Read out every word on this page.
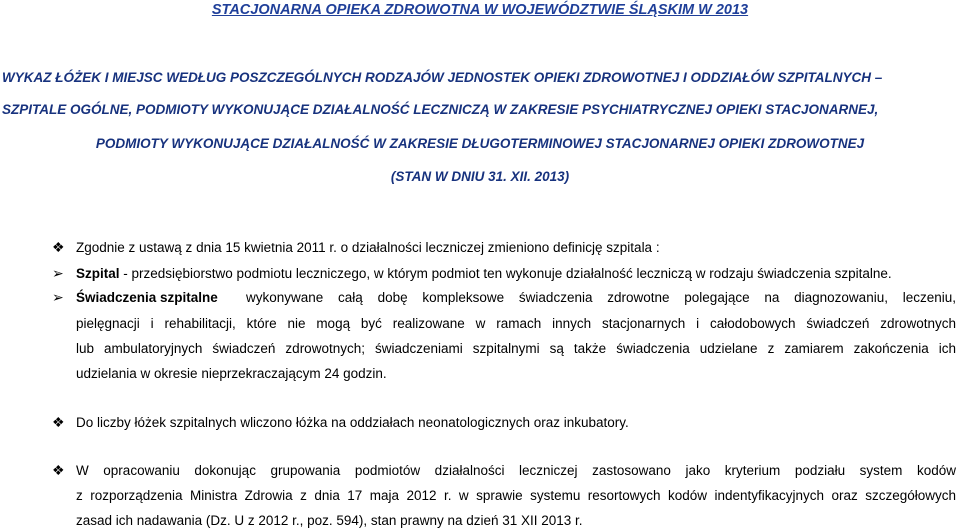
STACJONARNA OPIEKA ZDROWOTNA W WOJEWÓDZTWIE ŚLĄSKIM W 2013
WYKAZ ŁÓŻEK I MIEJSC WEDŁUG POSZCZEGÓLNYCH RODZAJÓW JEDNOSTEK OPIEKI ZDROWOTNEJ I ODDZIAŁÓW SZPITALNYCH –
SZPITALE OGÓLNE, PODMIOTY WYKONUJĄCE DZIAŁALNOŚĆ LECZNICZĄ W ZAKRESIE PSYCHIATRYCZNEJ OPIEKI STACJONARNEJ,
PODMIOTY WYKONUJĄCE DZIAŁALNOŚĆ W ZAKRESIE DŁUGOTERMINOWEJ STACJONARNEJ OPIEKI ZDROWOTNEJ
(STAN W DNIU 31. XII. 2013)
❖ Zgodnie z ustawą z dnia 15 kwietnia 2011 r. o działalności leczniczej zmieniono definicję szpitala :
➢ Szpital - przedsiębiorstwo podmiotu leczniczego, w którym podmiot ten wykonuje działalność leczniczą w rodzaju świadczenia szpitalne.
➢ Świadczenia szpitalne wykonywane całą dobę kompleksowe świadczenia zdrowotne polegające na diagnozowaniu, leczeniu,
pielęgnacji i rehabilitacji, które nie mogą być realizowane w ramach innych stacjonarnych i całodobowych świadczeń zdrowotnych
lub ambulatoryjnych świadczeń zdrowotnych; świadczeniami szpitalnymi są także świadczenia udzielane z zamiarem zakończenia ich
udzielania w okresie nieprzekraczającym 24 godzin.
❖ Do liczby łóżek szpitalnych wliczono łóżka na oddziałach neonatologicznych oraz inkubatory.
❖ W opracowaniu dokonując grupowania podmiotów działalności leczniczej zastosowano jako kryterium podziału system kodów
z rozporządzenia Ministra Zdrowia z dnia 17 maja 2012 r. w sprawie systemu resortowych kodów indentyfikacyjnych oraz szczegółowych
zasad ich nadawania (Dz. U z 2012 r., poz. 594), stan prawny na dzień 31 XII 2013 r.
